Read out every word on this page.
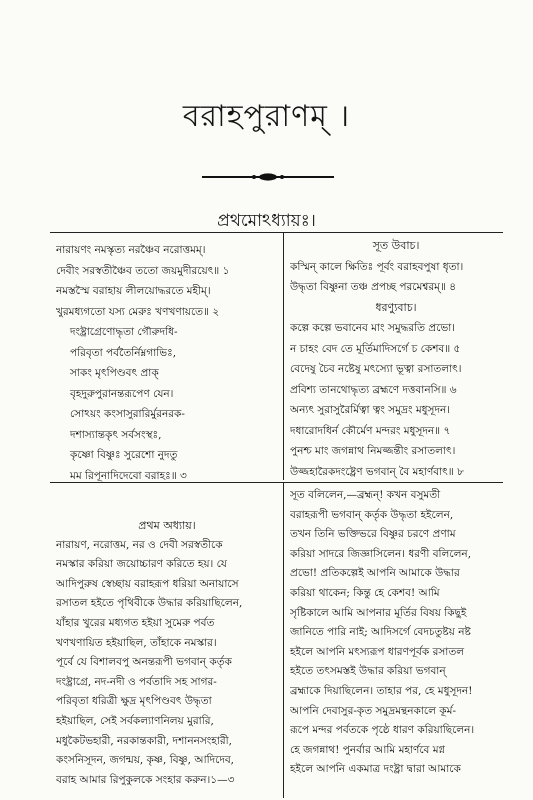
বরাহপুরাণম্ ।
প্রথমোঽধ্যায়ঃ।
নারায়ণং নমস্কৃত্য নরঞ্চৈব নরোত্তমম্।
দেবীং সরস্বতীঞ্চৈব ততো জয়মুদীরয়েৎ॥ ১
নমস্তস্মৈ বরাহায় লীলয়োদ্ধরতে মহীম্।
খুরমধ্যগতো যস্য মেরুঃ খণখণায়তে॥ ২
দংষ্ট্রাগ্রেণোদ্ধৃতা গৌরুদধি-
পরিবৃতা পর্বতৈর্নিম্নগাভিঃ,
সাকং মৃৎপিণ্ডবৎ প্রাক্
বৃহদুরুপুরানন্তরূপেণ যেন।
সোঽয়ং কংসাসুরারির্মুরনরক-
দশাস্যান্তকৃৎ সর্বসংস্থঃ,
কৃষ্ণো বিষ্ণুঃ সুরেশো নুদতু
মম রিপূনাদিদেবো বরাহঃ॥ ৩
সূত উবাচ।
কস্মিন্ কালে ক্ষিতিঃ পূর্বং বরাহবপুষা ধৃতা।
উদ্ধৃতা বিষ্ণুনা তঞ্চ প্রপচ্ছ পরমেশ্বরম্॥ ৪
ধরণ্যুবাচ।
কল্পে কল্পে ভবানেব মাং সমুদ্ধরতি প্রভো।
ন চাহং বেদ তে মূর্তিমাদিসর্গে চ কেশব॥ ৫
বেদেষু চৈব নষ্টেষু মৎস্যো ভূত্বা রসাতলাৎ।
প্রবিশ্য তানথোদ্ধৃত্য ব্রহ্মণে দত্তবানসি॥ ৬
অন্যৎ সুরাসুরৈর্মিত্বা ত্বং সমুদ্রং মধুসূদন।
দধারোদধির্ন কৌর্মেণ মন্দরং মধুসূদন॥ ৭
পুনশ্চ মাং জগন্নাথ নিমজ্জন্তীং রসাতলাৎ।
উজ্জহারৈকদংষ্ট্রেণ ভগবান্ বৈ মহার্ণবাৎ॥ ৮
প্রথম অধ্যায়।
নারায়ণ, নরোত্তম, নর ও দেবী সরস্বতীকে
নমস্কার করিয়া জয়োচ্চারণ করিতে হয়। যে
আদিপুরুষ স্বেচ্ছায় বরাহরূপ ধরিয়া অনায়াসে
রসাতল হইতে পৃথিবীকে উদ্ধার করিয়াছিলেন,
যাঁহার খুরের মধ্যগত হইয়া সুমেরু পর্বত
খণখণায়িত হইয়াছিল, তাঁহাকে নমস্কার।
পূর্বে যে বিশালবপু অনন্তরূপী ভগবান্ কর্তৃক
দংষ্ট্রাগ্রে, নদ-নদী ও পর্বতাদি সহ সাগর-
পরিবৃতা ধরিত্রী ক্ষুদ্র মৃৎপিণ্ডবৎ উদ্ধৃতা
হইয়াছিল, সেই সর্বকল্যাণনিলয় মুরারি,
মধুকৈটভহারী, নরকান্তকারী, দশাননসংহারী,
কংসনিসূদন, জগন্ময়, কৃষ্ণ, বিষ্ণু, আদিদেব,
বরাহ আমার রিপুকুলকে সংহার করুন।১—৩
সূত বলিলেন,—ব্রহ্মন্! কখন বসুমতী
বরাহরূপী ভগবান্ কর্তৃক উদ্ধৃতা হইলেন,
তখন তিনি ভক্তিভরে বিষ্ণুর চরণে প্রণাম
করিয়া সাদরে জিজ্ঞাসিলেন। ধরণী বলিলেন,
প্রভো! প্রতিকল্পেই আপনি আমাকে উদ্ধার
করিয়া থাকেন; কিন্তু হে কেশব! আমি
সৃষ্টিকালে আমি আপনার মূর্তির বিষয় কিছুই
জানিতে পারি নাই; আদিসর্গে বেদচতুষ্টয় নষ্ট
হইলে আপনি মৎস্যরূপ ধারণপূর্বক রসাতল
হইতে তৎসমস্তই উদ্ধার করিয়া ভগবান্
ব্রহ্মাকে দিয়াছিলেন। তাহার পর, হে মধুসূদন!
আপনি দেবাসুর-কৃত সমুদ্রমন্থনকালে কূর্ম-
রূপে মন্দর পর্বতকে পৃষ্ঠে ধারণ করিয়াছিলেন।
হে জগন্নাথ! পুনর্বার আমি মহার্ণবে মগ্ন
হইলে আপনি একমাত্র দংষ্ট্রা দ্বারা আমাকে
